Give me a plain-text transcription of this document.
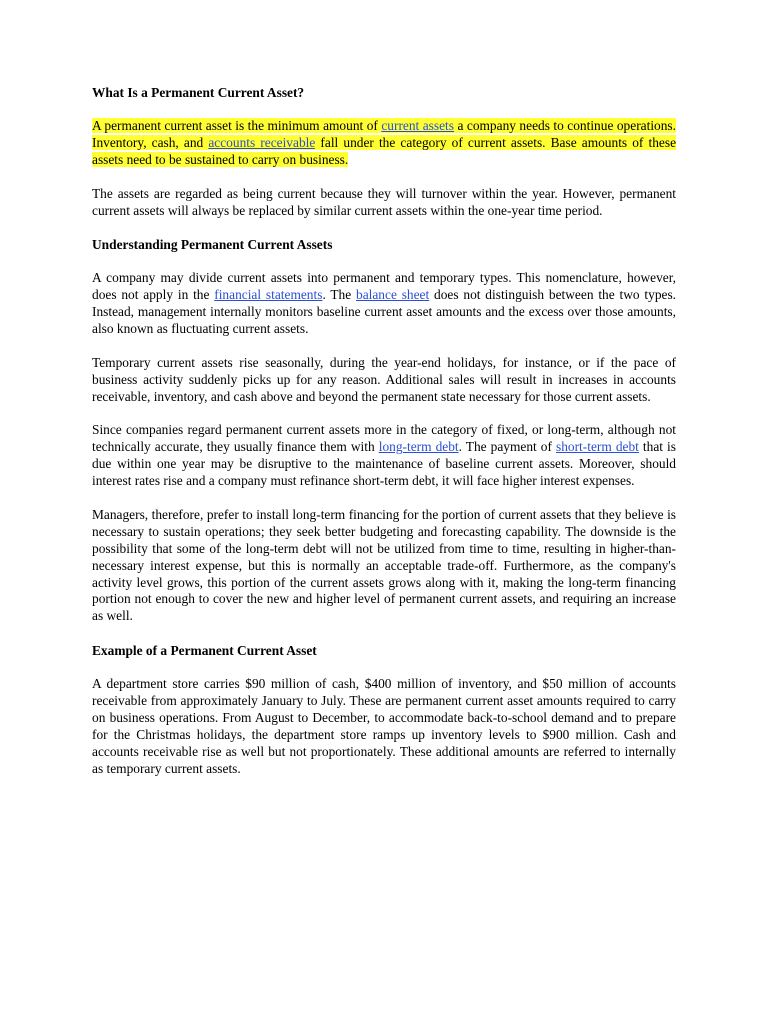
What Is a Permanent Current Asset?

A permanent current asset is the minimum amount of current assets a company needs to continue operations. Inventory, cash, and accounts receivable fall under the category of current assets. Base amounts of these assets need to be sustained to carry on business.

The assets are regarded as being current because they will turnover within the year. However, permanent current assets will always be replaced by similar current assets within the one-year time period.

Understanding Permanent Current Assets

A company may divide current assets into permanent and temporary types. This nomenclature, however, does not apply in the financial statements. The balance sheet does not distinguish between the two types. Instead, management internally monitors baseline current asset amounts and the excess over those amounts, also known as fluctuating current assets.

Temporary current assets rise seasonally, during the year-end holidays, for instance, or if the pace of business activity suddenly picks up for any reason. Additional sales will result in increases in accounts receivable, inventory, and cash above and beyond the permanent state necessary for those current assets.

Since companies regard permanent current assets more in the category of fixed, or long-term, although not technically accurate, they usually finance them with long-term debt. The payment of short-term debt that is due within one year may be disruptive to the maintenance of baseline current assets. Moreover, should interest rates rise and a company must refinance short-term debt, it will face higher interest expenses.

Managers, therefore, prefer to install long-term financing for the portion of current assets that they believe is necessary to sustain operations; they seek better budgeting and forecasting capability. The downside is the possibility that some of the long-term debt will not be utilized from time to time, resulting in higher-than-necessary interest expense, but this is normally an acceptable trade-off. Furthermore, as the company's activity level grows, this portion of the current assets grows along with it, making the long-term financing portion not enough to cover the new and higher level of permanent current assets, and requiring an increase as well.

Example of a Permanent Current Asset

A department store carries $90 million of cash, $400 million of inventory, and $50 million of accounts receivable from approximately January to July. These are permanent current asset amounts required to carry on business operations. From August to December, to accommodate back-to-school demand and to prepare for the Christmas holidays, the department store ramps up inventory levels to $900 million. Cash and accounts receivable rise as well but not proportionately. These additional amounts are referred to internally as temporary current assets.
